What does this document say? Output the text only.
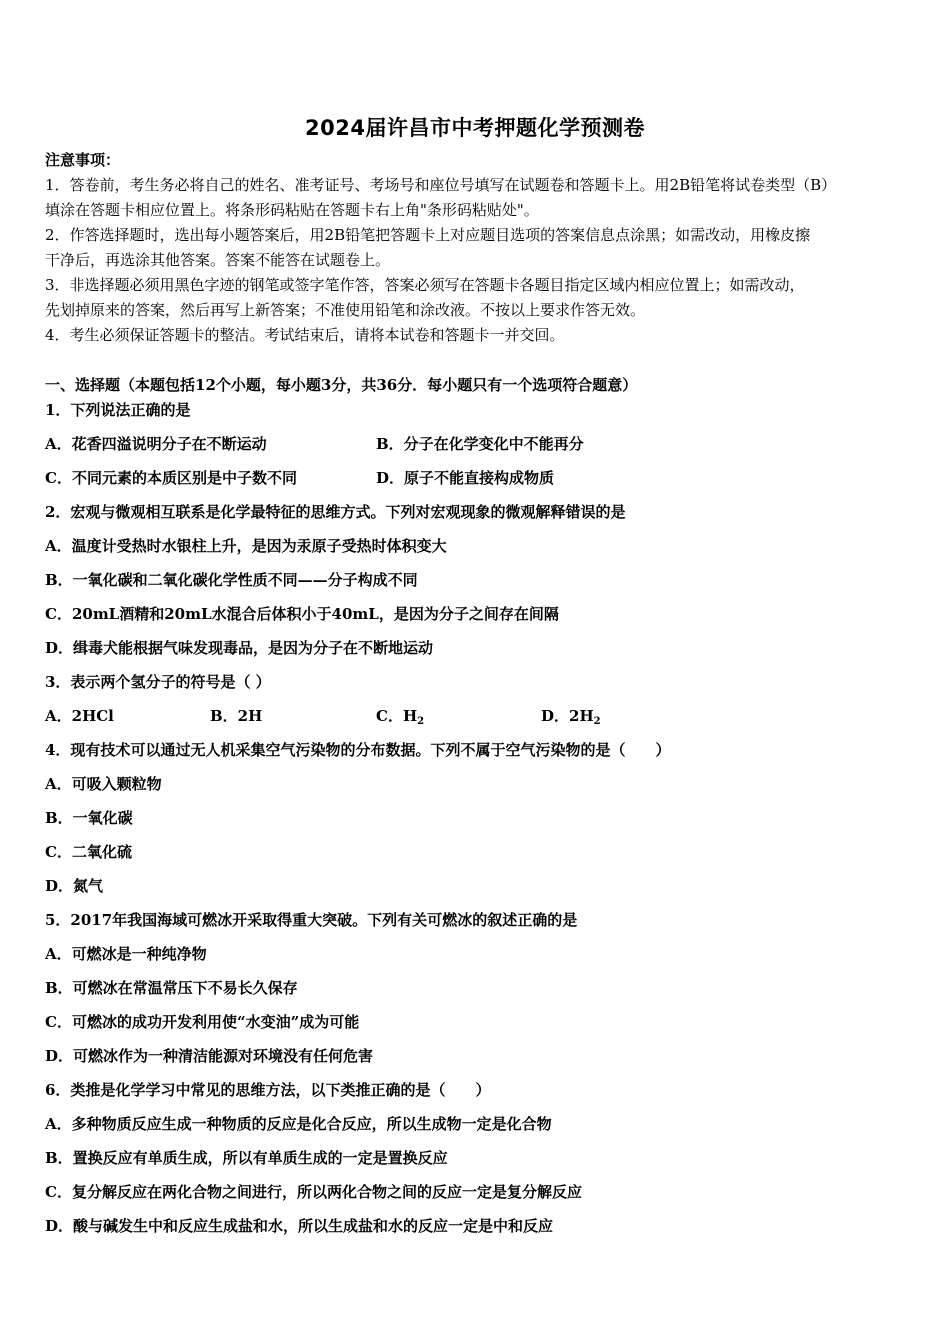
2024届许昌市中考押题化学预测卷
注意事项：
1．答卷前，考生务必将自己的姓名、准考证号、考场号和座位号填写在试题卷和答题卡上。用2B铅笔将试卷类型（B）
填涂在答题卡相应位置上。将条形码粘贴在答题卡右上角"条形码粘贴处"。
2．作答选择题时，选出每小题答案后，用2B铅笔把答题卡上对应题目选项的答案信息点涂黑；如需改动，用橡皮擦
干净后，再选涂其他答案。答案不能答在试题卷上。
3．非选择题必须用黑色字迹的钢笔或签字笔作答，答案必须写在答题卡各题目指定区域内相应位置上；如需改动，
先划掉原来的答案，然后再写上新答案；不准使用铅笔和涂改液。不按以上要求作答无效。
4．考生必须保证答题卡的整洁。考试结束后，请将本试卷和答题卡一并交回。
一、选择题（本题包括12个小题，每小题3分，共36分．每小题只有一个选项符合题意）
1．下列说法正确的是
A．花香四溢说明分子在不断运动	B．分子在化学变化中不能再分
C．不同元素的本质区别是中子数不同	D．原子不能直接构成物质
2．宏观与微观相互联系是化学最特征的思维方式。下列对宏观现象的微观解释错误的是
A．温度计受热时水银柱上升，是因为汞原子受热时体积变大
B．一氧化碳和二氧化碳化学性质不同——分子构成不同
C．20mL酒精和20mL水混合后体积小于40mL，是因为分子之间存在间隔
D．缉毒犬能根据气味发现毒品，是因为分子在不断地运动
3．表示两个氢分子的符号是（ ）
A．2HCl	B．2H	C．$H_2$	D．$2H_2$
4．现有技术可以通过无人机采集空气污染物的分布数据。下列不属于空气污染物的是（　　）
A．可吸入颗粒物
B．一氧化碳
C．二氧化硫
D．氮气
5．2017年我国海域可燃冰开采取得重大突破。下列有关可燃冰的叙述正确的是
A．可燃冰是一种纯净物
B．可燃冰在常温常压下不易长久保存
C．可燃冰的成功开发利用使“水变油”成为可能
D．可燃冰作为一种清洁能源对环境没有任何危害
6．类推是化学学习中常见的思维方法，以下类推正确的是（　　）
A．多种物质反应生成一种物质的反应是化合反应，所以生成物一定是化合物
B．置换反应有单质生成，所以有单质生成的一定是置换反应
C．复分解反应在两化合物之间进行，所以两化合物之间的反应一定是复分解反应
D．酸与碱发生中和反应生成盐和水，所以生成盐和水的反应一定是中和反应
